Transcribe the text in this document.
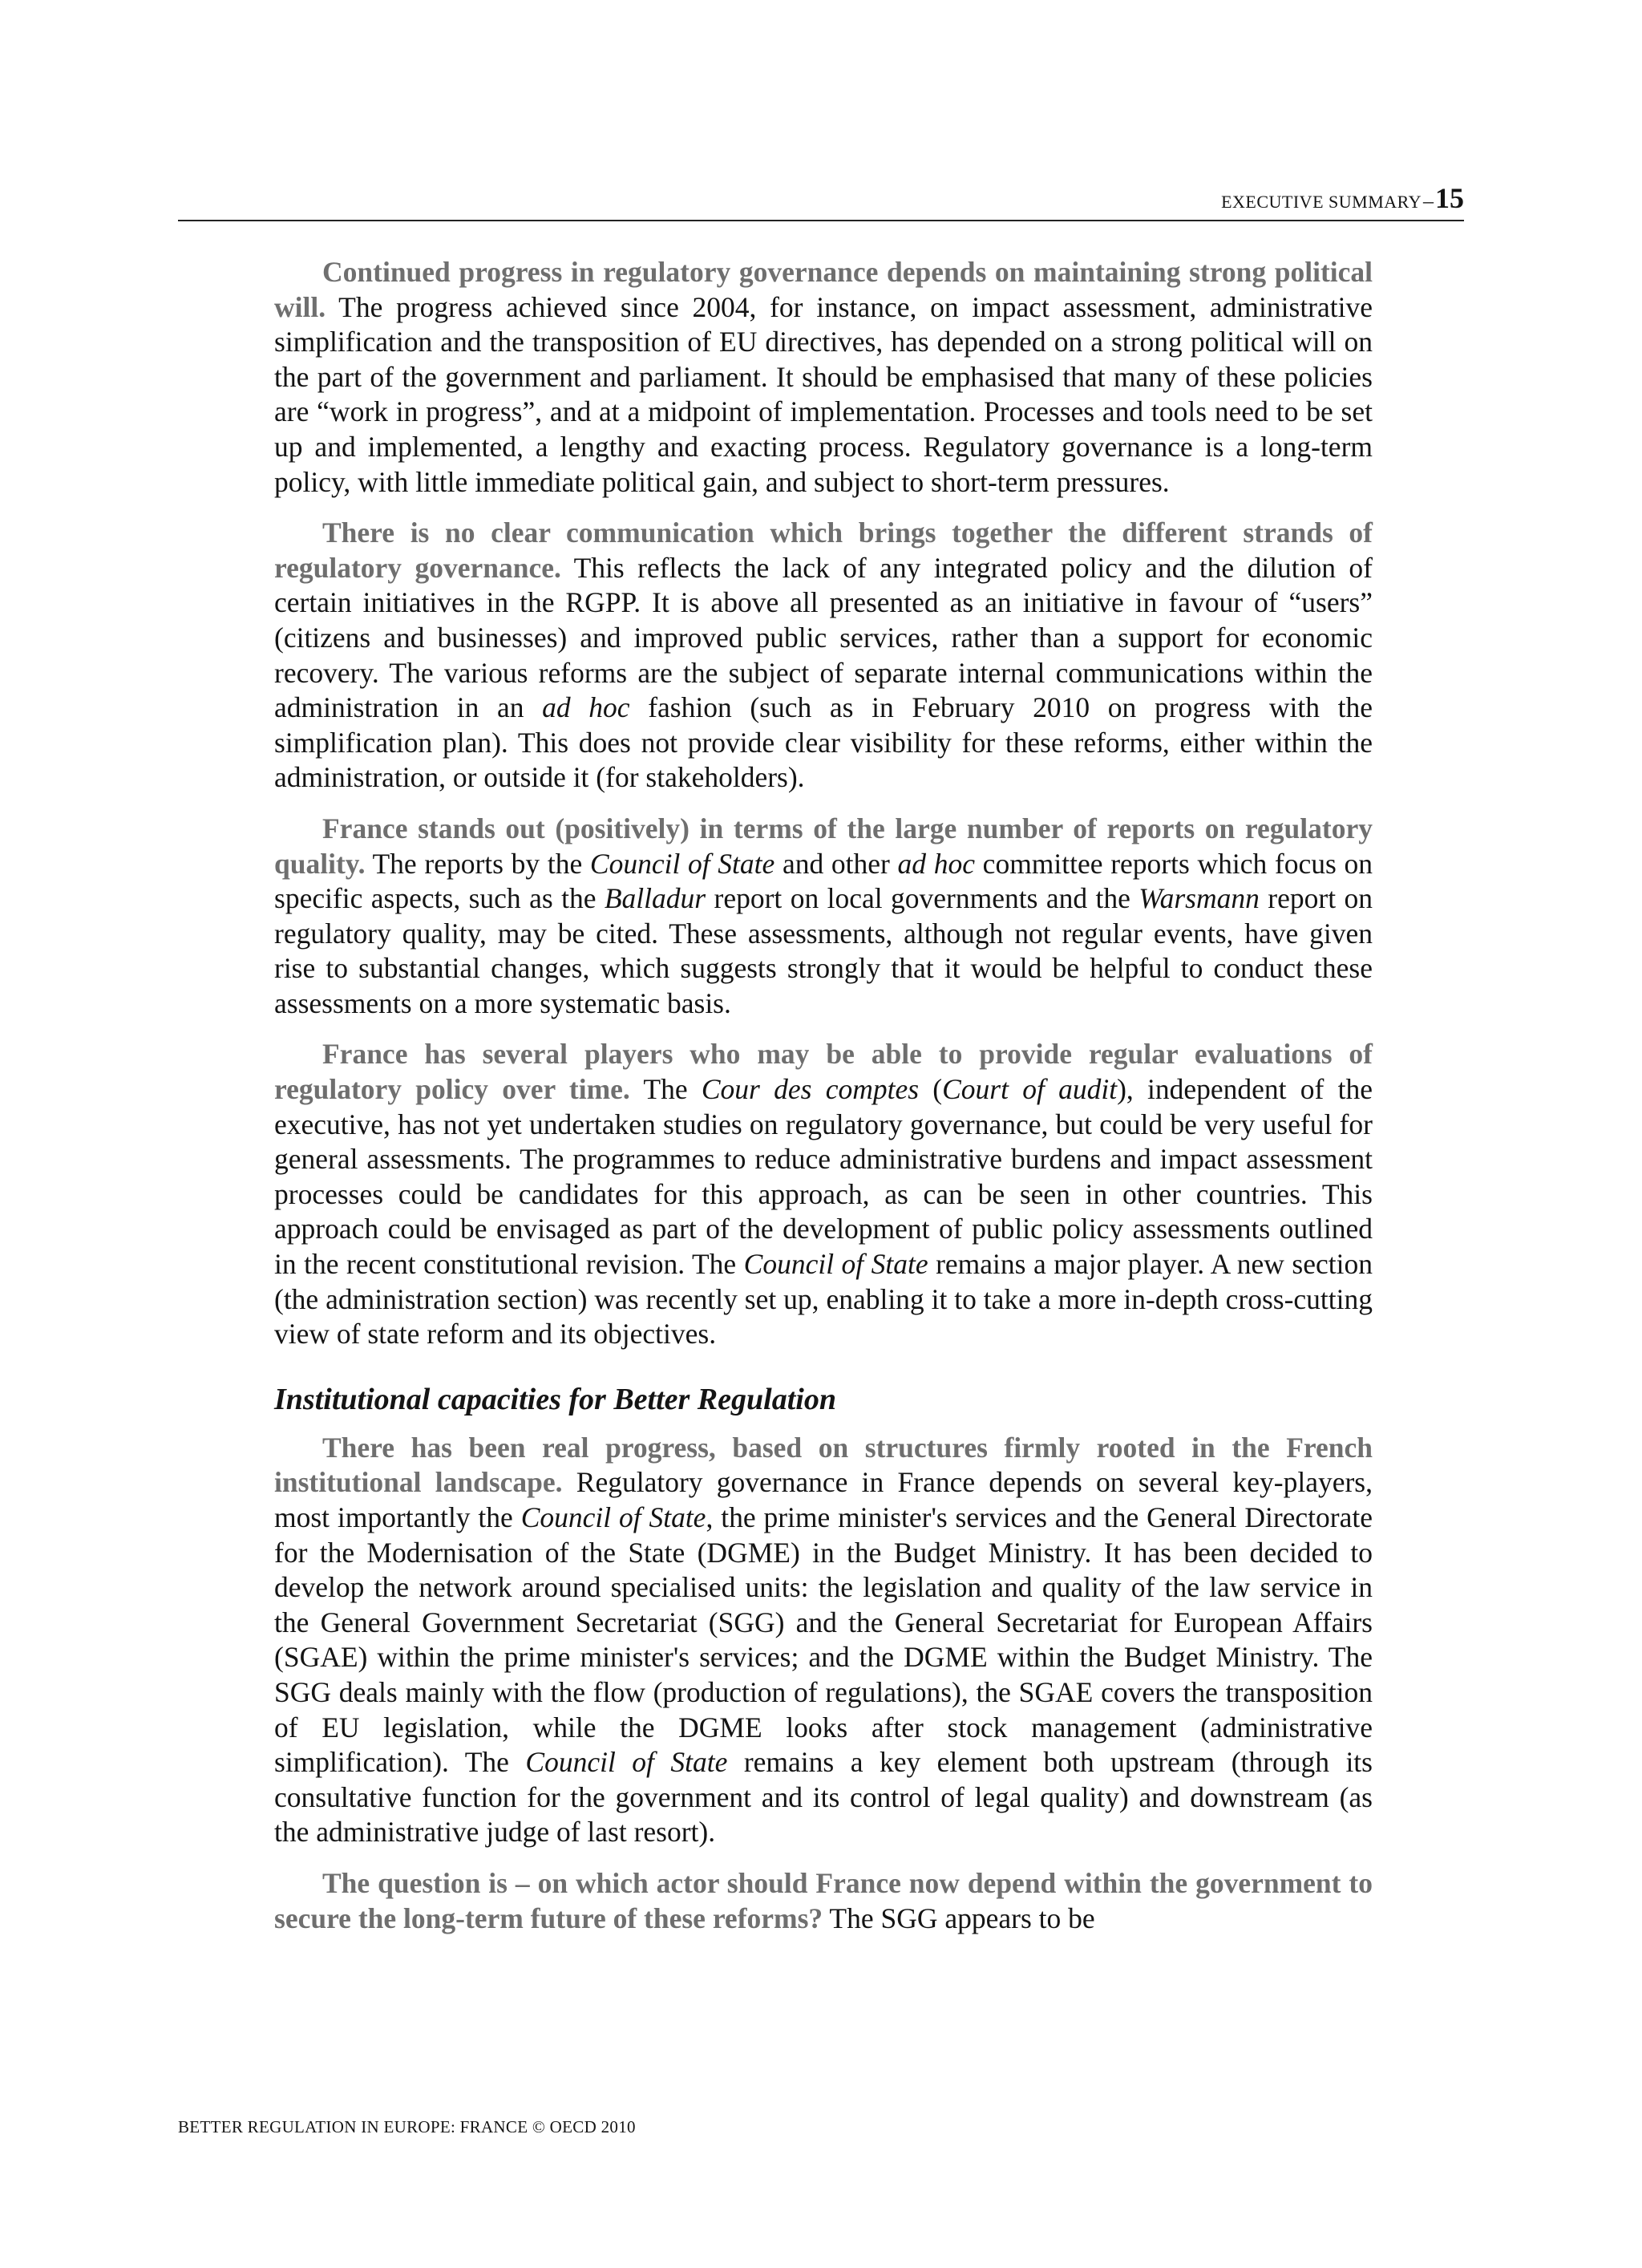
EXECUTIVE SUMMARY–15

Continued progress in regulatory governance depends on maintaining strong political will. The progress achieved since 2004, for instance, on impact assessment, administrative simplification and the transposition of EU directives, has depended on a strong political will on the part of the government and parliament. It should be emphasised that many of these policies are “work in progress”, and at a midpoint of implementation. Processes and tools need to be set up and implemented, a lengthy and exacting process. Regulatory governance is a long-term policy, with little immediate political gain, and subject to short-term pressures.

There is no clear communication which brings together the different strands of regulatory governance. This reflects the lack of any integrated policy and the dilution of certain initiatives in the RGPP. It is above all presented as an initiative in favour of “users” (citizens and businesses) and improved public services, rather than a support for economic recovery. The various reforms are the subject of separate internal communications within the administration in an ad hoc fashion (such as in February 2010 on progress with the simplification plan). This does not provide clear visibility for these reforms, either within the administration, or outside it (for stakeholders).

France stands out (positively) in terms of the large number of reports on regulatory quality. The reports by the Council of State and other ad hoc committee reports which focus on specific aspects, such as the Balladur report on local governments and the Warsmann report on regulatory quality, may be cited. These assessments, although not regular events, have given rise to substantial changes, which suggests strongly that it would be helpful to conduct these assessments on a more systematic basis.

France has several players who may be able to provide regular evaluations of regulatory policy over time. The Cour des comptes (Court of audit), independent of the executive, has not yet undertaken studies on regulatory governance, but could be very useful for general assessments. The programmes to reduce administrative burdens and impact assessment processes could be candidates for this approach, as can be seen in other countries. This approach could be envisaged as part of the development of public policy assessments outlined in the recent constitutional revision. The Council of State remains a major player. A new section (the administration section) was recently set up, enabling it to take a more in-depth cross-cutting view of state reform and its objectives.

Institutional capacities for Better Regulation

There has been real progress, based on structures firmly rooted in the French institutional landscape. Regulatory governance in France depends on several key-players, most importantly the Council of State, the prime minister's services and the General Directorate for the Modernisation of the State (DGME) in the Budget Ministry. It has been decided to develop the network around specialised units: the legislation and quality of the law service in the General Government Secretariat (SGG) and the General Secretariat for European Affairs (SGAE) within the prime minister's services; and the DGME within the Budget Ministry. The SGG deals mainly with the flow (production of regulations), the SGAE covers the transposition of EU legislation, while the DGME looks after stock management (administrative simplification). The Council of State remains a key element both upstream (through its consultative function for the government and its control of legal quality) and downstream (as the administrative judge of last resort).

The question is – on which actor should France now depend within the government to secure the long-term future of these reforms? The SGG appears to be

BETTER REGULATION IN EUROPE: FRANCE © OECD 2010
